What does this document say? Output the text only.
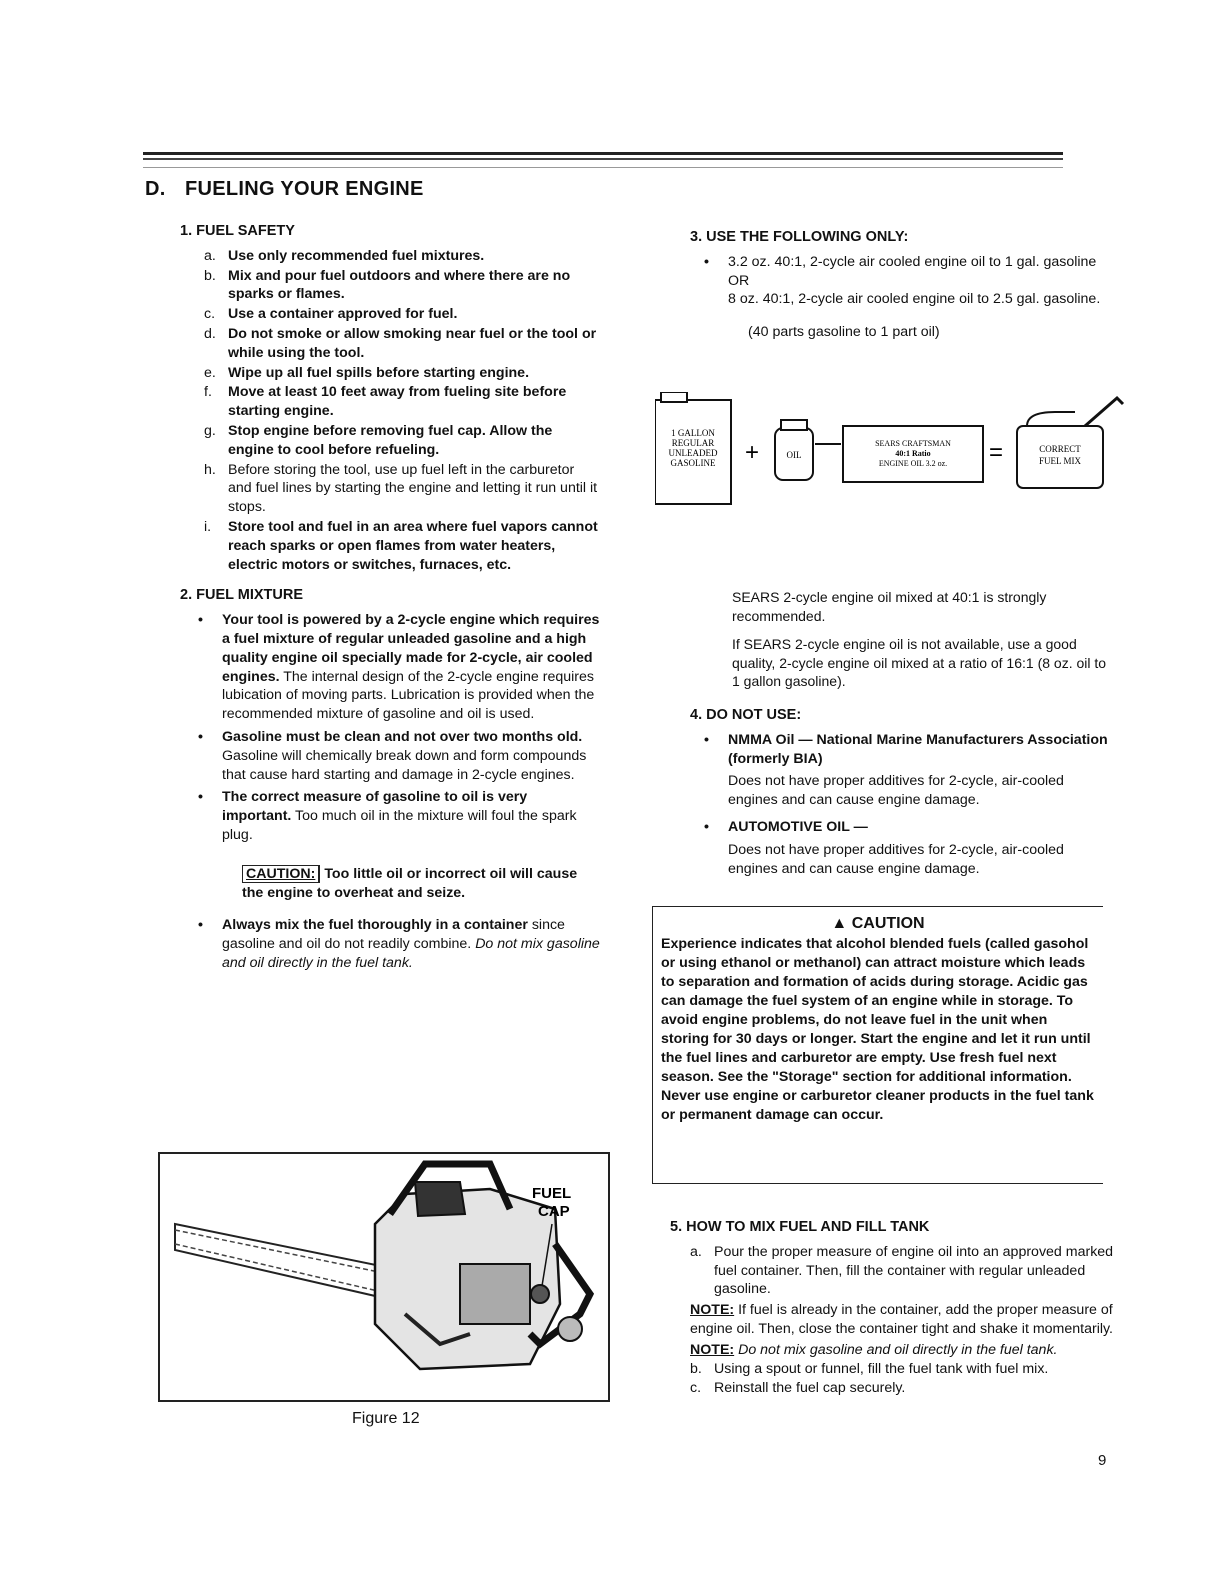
D. FUELING YOUR ENGINE
1. FUEL SAFETY
a. Use only recommended fuel mixtures.
b. Mix and pour fuel outdoors and where there are no sparks or flames.
c. Use a container approved for fuel.
d. Do not smoke or allow smoking near fuel or the tool or while using the tool.
e. Wipe up all fuel spills before starting engine.
f.	Move at least 10 feet away from fueling site before starting engine.
g. Stop engine before removing fuel cap. Allow the engine to cool before refueling.
h. Before storing the tool, use up fuel left in the carburetor and fuel lines by starting the engine and letting it run until it stops.
i.	Store tool and fuel in an area where fuel vapors cannot reach sparks or open flames from water heaters, electric motors or switches, furnaces, etc.
2. FUEL MIXTURE
•	Your tool is powered by a 2-cycle engine which requires a fuel mixture of regular unleaded gasoline and a high quality engine oil specially made for 2-cycle, air cooled engines. The internal design of the 2-cycle engine requires lubication of moving parts. Lubrication is provided when the recommended mixture of gasoline and oil is used.
•	Gasoline must be clean and not over two months old. Gasoline will chemically break down and form compounds that cause hard starting and damage in 2-cycle engines.
•	The correct measure of gasoline to oil is very important. Too much oil in the mixture will foul the spark plug.
CAUTION: Too little oil or incorrect oil will cause the engine to overheat and seize.
•	Always mix the fuel thoroughly in a container since gasoline and oil do not readily combine. Do not mix gasoline and oil directly in the fuel tank.
FUEL
CAP
Figure 12
3. USE THE FOLLOWING ONLY:
•	3.2 oz. 40:1, 2-cycle air cooled engine oil to 1 gal. gasoline OR
8 oz. 40:1, 2-cycle air cooled engine oil to 2.5 gal. gasoline.
(40 parts gasoline to 1 part oil)
1 GALLON
REGULAR
UNLEADED
GASOLINE +	OIL
SEARS CRAFTSMAN
40:1 Ratio
ENGINE OIL 3.2 oz. =	CORRECT
FUEL MIX

SEARS 2-cycle engine oil mixed at 40:1 is strongly recommended.

If SEARS 2-cycle engine oil is not available, use a good quality, 2-cycle engine oil mixed at a ratio of 16:1 (8 oz. oil to 1 gallon gasoline).

4. DO NOT USE:
•	NMMA Oil — National Marine Manufacturers Association (formerly BIA)

Does not have proper additives for 2-cycle, air-cooled engines and can cause engine damage.
•	AUTOMOTIVE OIL —

Does not have proper additives for 2-cycle, air-cooled engines and can cause engine damage.
▲ CAUTION
Experience indicates that alcohol blended fuels (called gasohol or using ethanol or methanol) can attract moisture which leads to separation and formation of acids during storage. Acidic gas can damage the fuel system of an engine while in storage. To avoid engine problems, do not leave fuel in the unit when storing for 30 days or longer. Start the engine and let it run until the fuel lines and carburetor are empty. Use fresh fuel next season. See the "Storage" section for additional information. Never use engine or carburetor cleaner products in the fuel tank or permanent damage can occur.
5. HOW TO MIX FUEL AND FILL TANK
a. Pour the proper measure of engine oil into an approved marked fuel container. Then, fill the container with regular unleaded gasoline.
NOTE: If fuel is already in the container, add the proper measure of engine oil. Then, close the container tight and shake it momentarily.
NOTE: Do not mix gasoline and oil directly in the fuel tank.
b. Using a spout or funnel, fill the fuel tank with fuel mix.
c. Reinstall the fuel cap securely.
9
